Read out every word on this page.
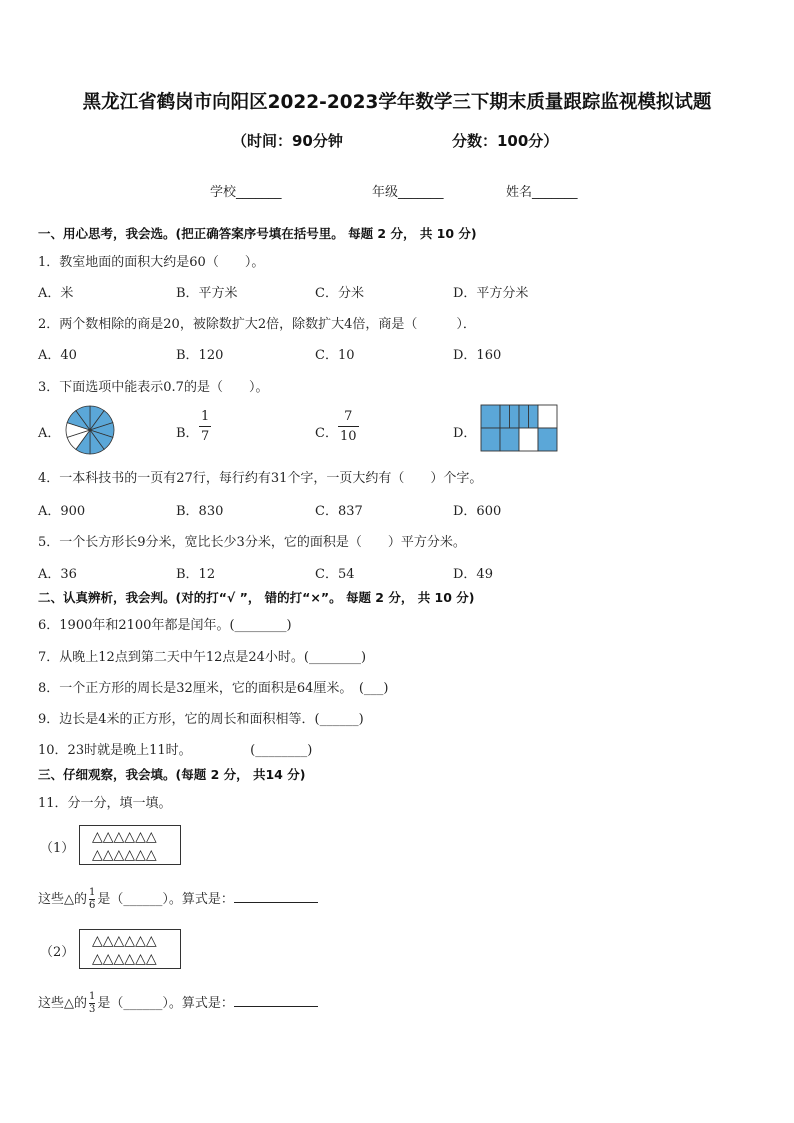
黑龙江省鹤岗市向阳区2022-2023学年数学三下期末质量跟踪监视模拟试题
（时间：90分钟	分数：100分）
学校_______	年级_______	姓名_______
一、用心思考，我会选。(把正确答案序号填在括号里。 每题 2 分， 共 10 分)
1．教室地面的面积大约是60（　　）。
A．米	B．平方米	C．分米	D．平方分米
2．两个数相除的商是20，被除数扩大2倍，除数扩大4倍，商是（　　　）．
A．40	B．120	C．10	D．160
3．下面选项中能表示0.7的是（　　）。
A．	B．
1
7	C．
7
10	D．
4．一本科技书的一页有27行，每行约有31个字，一页大约有（　　）个字。
A．900	B．830	C．837	D．600
5．一个长方形长9分米，宽比长少3分米，它的面积是（　　）平方分米。
A．36	B．12	C．54	D．49
二、认真辨析，我会判。(对的打“√ ”， 错的打“×”。 每题 2 分， 共 10 分)
6．1900年和2100年都是闰年。(________)
7．从晚上12点到第二天中午12点是24小时。(________)
8．一个正方形的周长是32厘米，它的面积是64厘米。　(___)
9．边长是4米的正方形，它的周长和面积相等．(______)
10．23时就是晚上11时。　　　　　(________)
三、仔细观察，我会填。(每题 2 分， 共14 分)
11．分一分，填一填。
（1）
△△△△△△
△△△△△△
这些△的 $\frac{1}{6}$ 是（______）。算式是：
（2）
△△△△△△
△△△△△△
这些△的 $\frac{1}{3}$ 是（______）。算式是：
